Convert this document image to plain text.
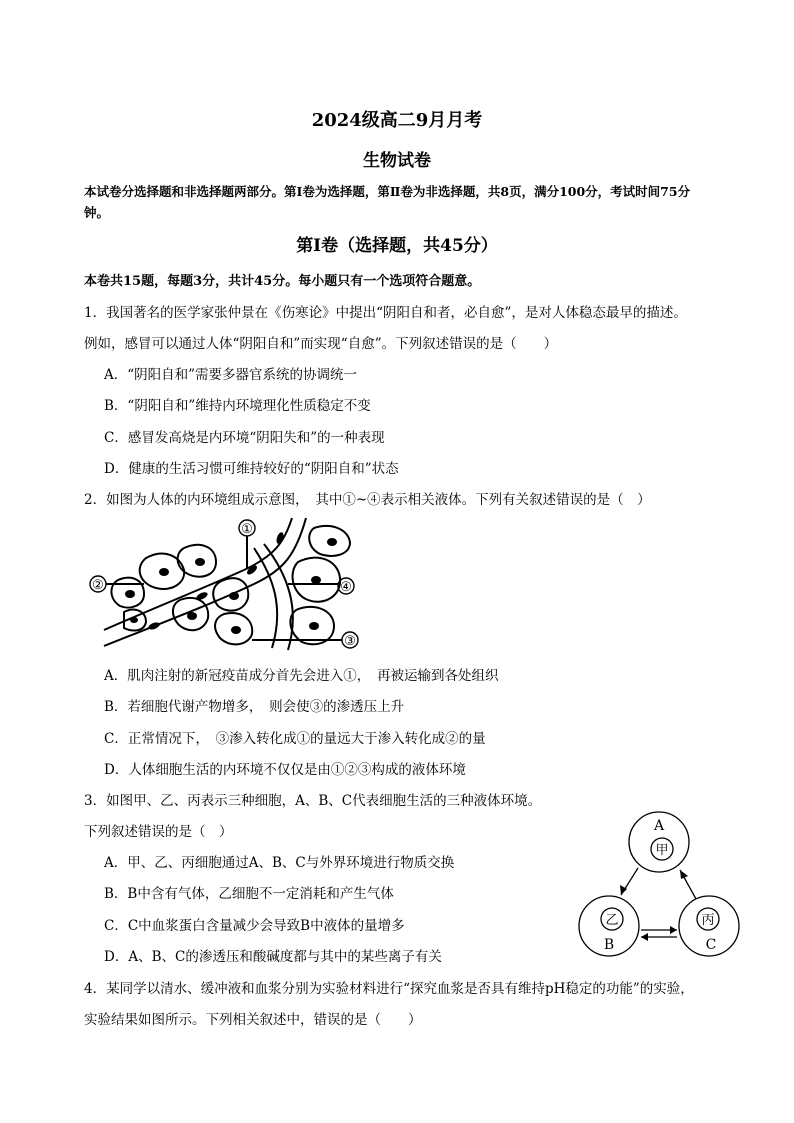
2024级高二9月月考
生物试卷
本试卷分选择题和非选择题两部分。第Ⅰ卷为选择题，第Ⅱ卷为非选择题，共8页，满分100分，考试时间75分钟。
第Ⅰ卷（选择题，共45分）
本卷共15题，每题3分，共计45分。每小题只有一个选项符合题意。
1．我国著名的医学家张仲景在《伤寒论》中提出“阴阳自和者，必自愈”，是对人体稳态最早的描述。
例如，感冒可以通过人体“阴阳自和”而实现“自愈”。下列叙述错误的是（　　）
A．“阴阳自和”需要多器官系统的协调统一
B．“阴阳自和”维持内环境理化性质稳定不变
C．感冒发高烧是内环境“阴阳失和”的一种表现
D．健康的生活习惯可维持较好的“阴阳自和”状态
2．如图为人体的内环境组成示意图，　其中①~④表示相关液体。下列有关叙述错误的是（　）
①
②
③
④
A．肌肉注射的新冠疫苗成分首先会进入①，　再被运输到各处组织
B．若细胞代谢产物增多，　则会使③的渗透压上升
C．正常情况下，　③渗入转化成①的量远大于渗入转化成②的量
D．人体细胞生活的内环境不仅仅是由①②③构成的液体环境
3．如图甲、乙、丙表示三种细胞，A、B、C代表细胞生活的三种液体环境。
下列叙述错误的是（　）
A．甲、乙、丙细胞通过A、B、C与外界环境进行物质交换
B．B中含有气体，乙细胞不一定消耗和产生气体
C．C中血浆蛋白含量减少会导致B中液体的量增多
D．A、B、C的渗透压和酸碱度都与其中的某些离子有关
A
甲
乙
B
丙
C
4．某同学以清水、缓冲液和血浆分别为实验材料进行“探究血浆是否具有维持pH稳定的功能”的实验，
实验结果如图所示。下列相关叙述中，错误的是（　　）
